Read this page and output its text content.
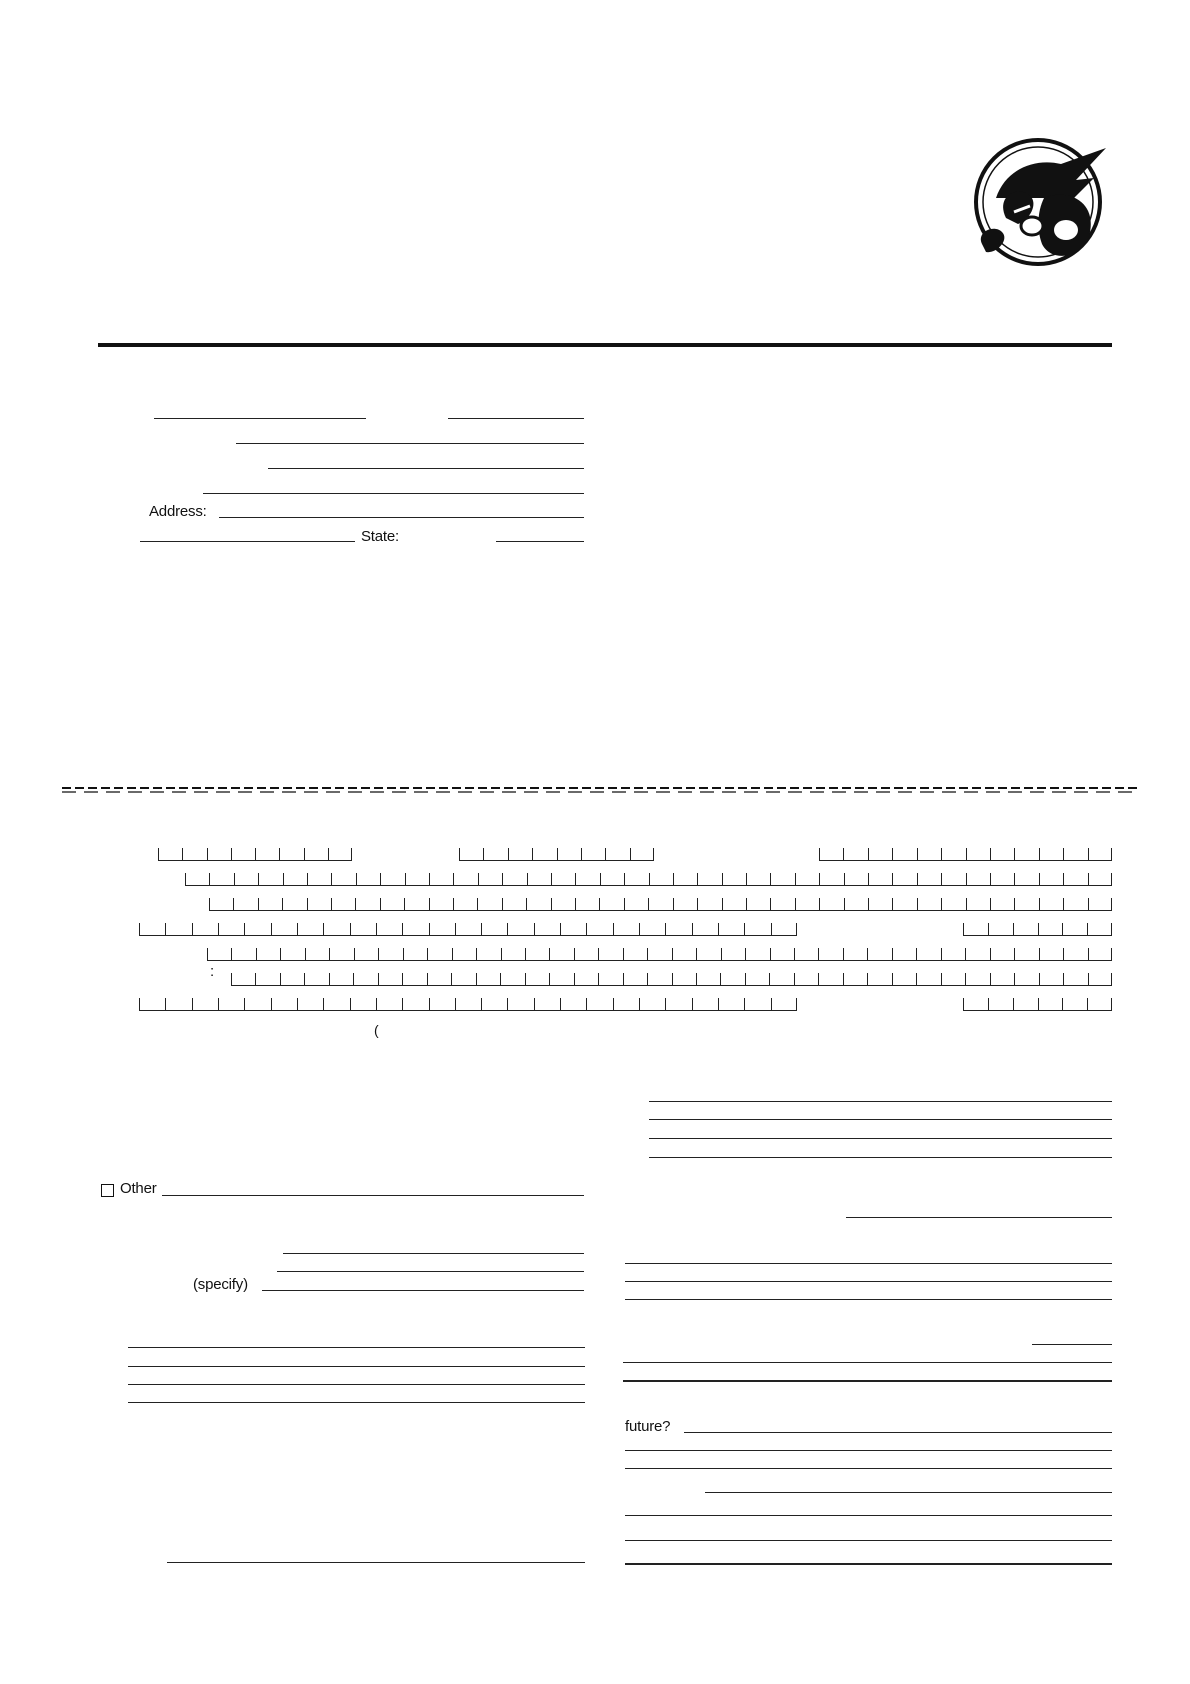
Address:
State:
:
(
Other
(specify)
future?
